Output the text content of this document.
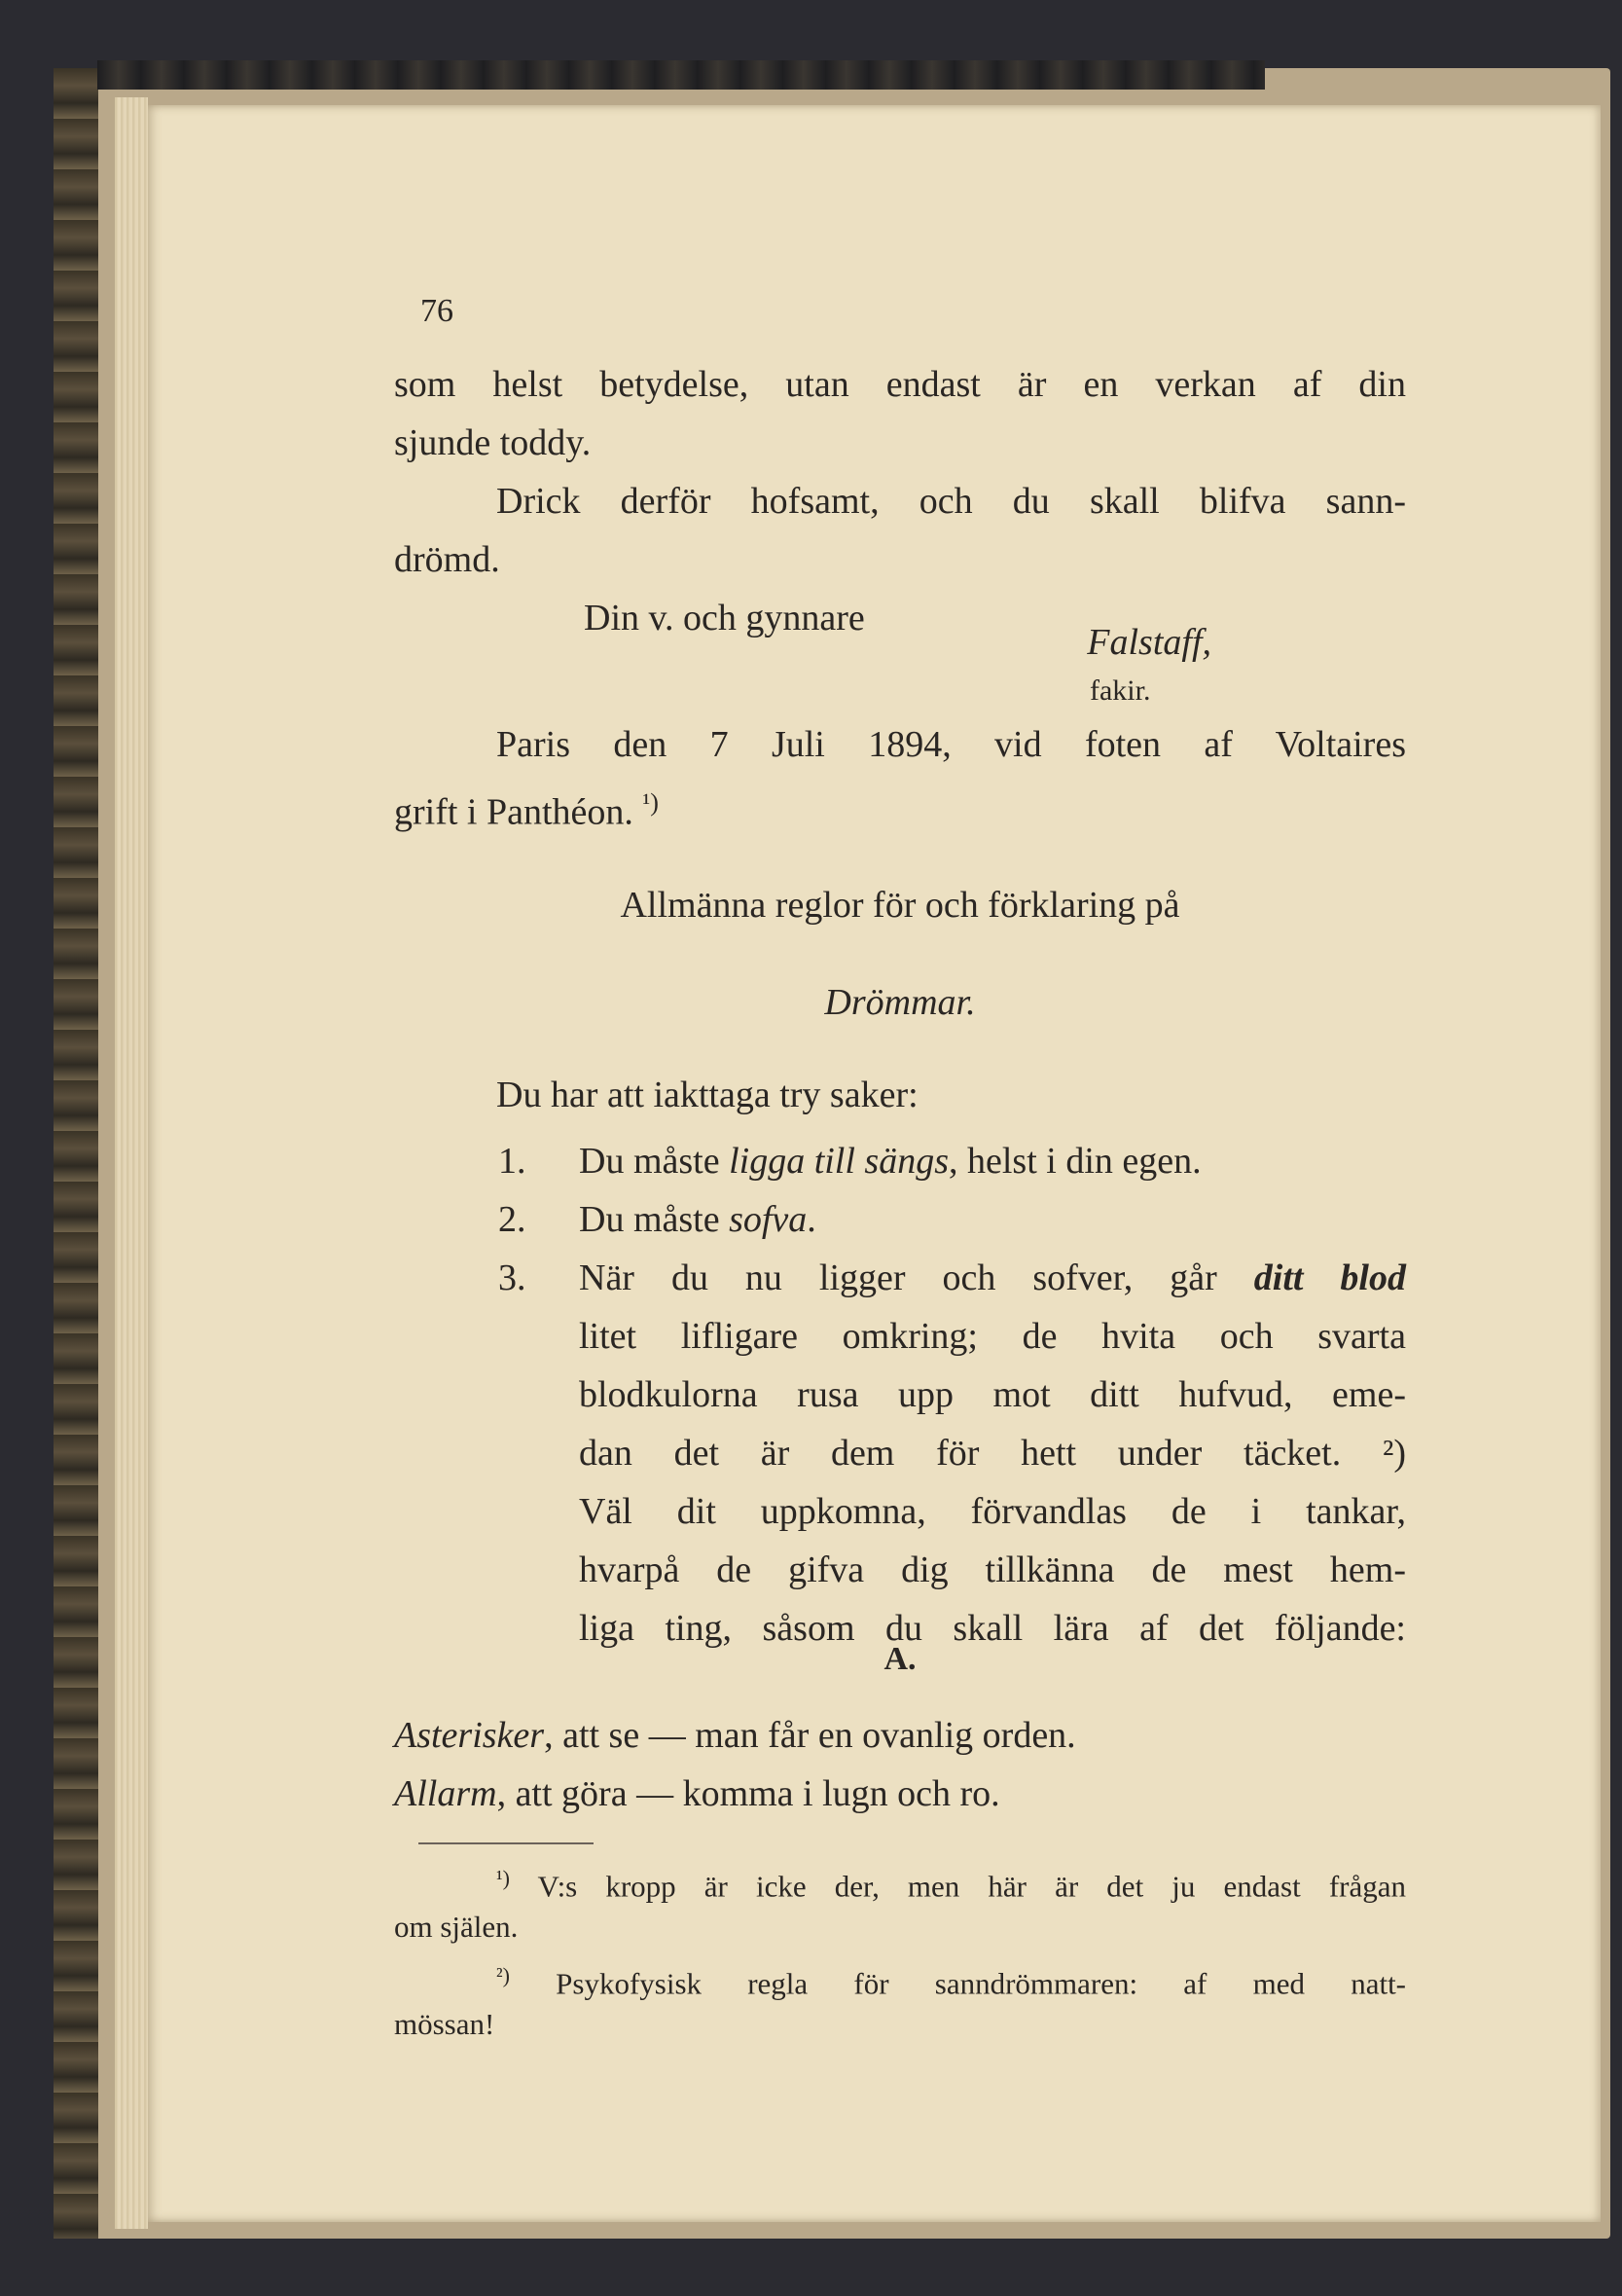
76
som helst betydelse, utan endast är en verkan af din
sjunde toddy.
Drick derför hofsamt, och du skall blifva sann-
drömd.
Din v. och gynnare
Falstaff,
fakir.
Paris den 7 Juli 1894, vid foten af Voltaires
grift i Panthéon. $^{^1)}$
Allmänna reglor för och förklaring på
Drömmar.
Du har att iakttaga try saker:
1. Du måste ligga till sängs, helst i din egen.
2. Du måste sofva.
3. När du nu ligger och sofver, går ditt blod
litet lifligare omkring; de hvita och svarta
blodkulorna rusa upp mot ditt hufvud, eme-
dan det är dem för hett under täcket. ²)
Väl dit uppkomna, förvandlas de i tankar,
hvarpå de gifva dig tillkänna de mest hem-
liga ting, såsom du skall lära af det följande:
A.
Asterisker, att se — man får en ovanlig orden.
Allarm, att göra — komma i lugn och ro.
$^{^1)}$ V:s kropp är icke der, men här är det ju endast frågan
om själen.
$^{^2)}$ Psykofysisk regla för sanndrömmaren: af med natt-
mössan!
